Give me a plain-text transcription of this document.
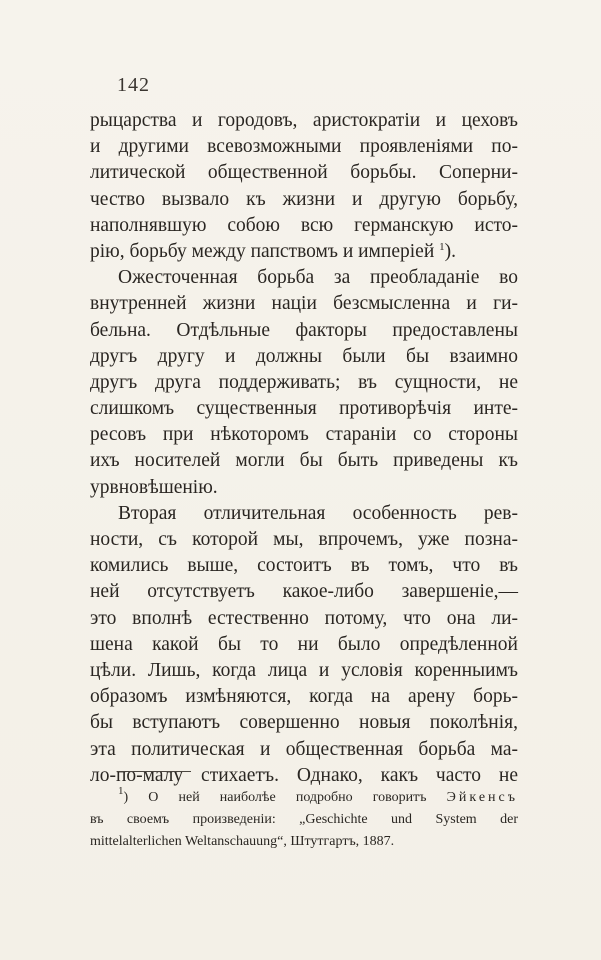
142
рыцарства и городовъ, аристократіи и цеховъ
и другими всевозможными проявленіями по-
литической общественной борьбы. Соперни-
чество вызвало къ жизни и другую борьбу,
наполнявшую собою всю германскую исто-
рію, борьбу между папствомъ и имперіей $^1$).
Ожесточенная борьба за преобладаніе во
внутренней жизни націи безсмысленна и ги-
бельна. Отдѣльные факторы предоставлены
другъ другу и должны были бы взаимно
другъ друга поддерживать; въ сущности, не
слишкомъ существенныя противорѣчія инте-
ресовъ при нѣкоторомъ стараніи со стороны
ихъ носителей могли бы быть приведены къ
урвновѣшенію.
Вторая отличительная особенность рев-
ности, съ которой мы, впрочемъ, уже позна-
комились выше, состоитъ въ томъ, что въ
ней отсутствуетъ какое-либо завершеніе,—
это вполнѣ естественно потому, что она ли-
шена какой бы то ни было опредѣленной
цѣли. Лишь, когда лица и условія коренныимъ
образомъ измѣняются, когда на арену борь-
бы вступаютъ совершенно новыя поколѣнія,
эта политическая и общественная борьба ма-
ло-по-малу стихаетъ. Однако, какъ часто не
$^1$) О ней наиболѣе подробно говоритъ Эйкенсъ
въ своемъ произведеніи: „Geschichte und System der
mittelalterlichen Weltanschauung“, Штутгартъ, 1887.
